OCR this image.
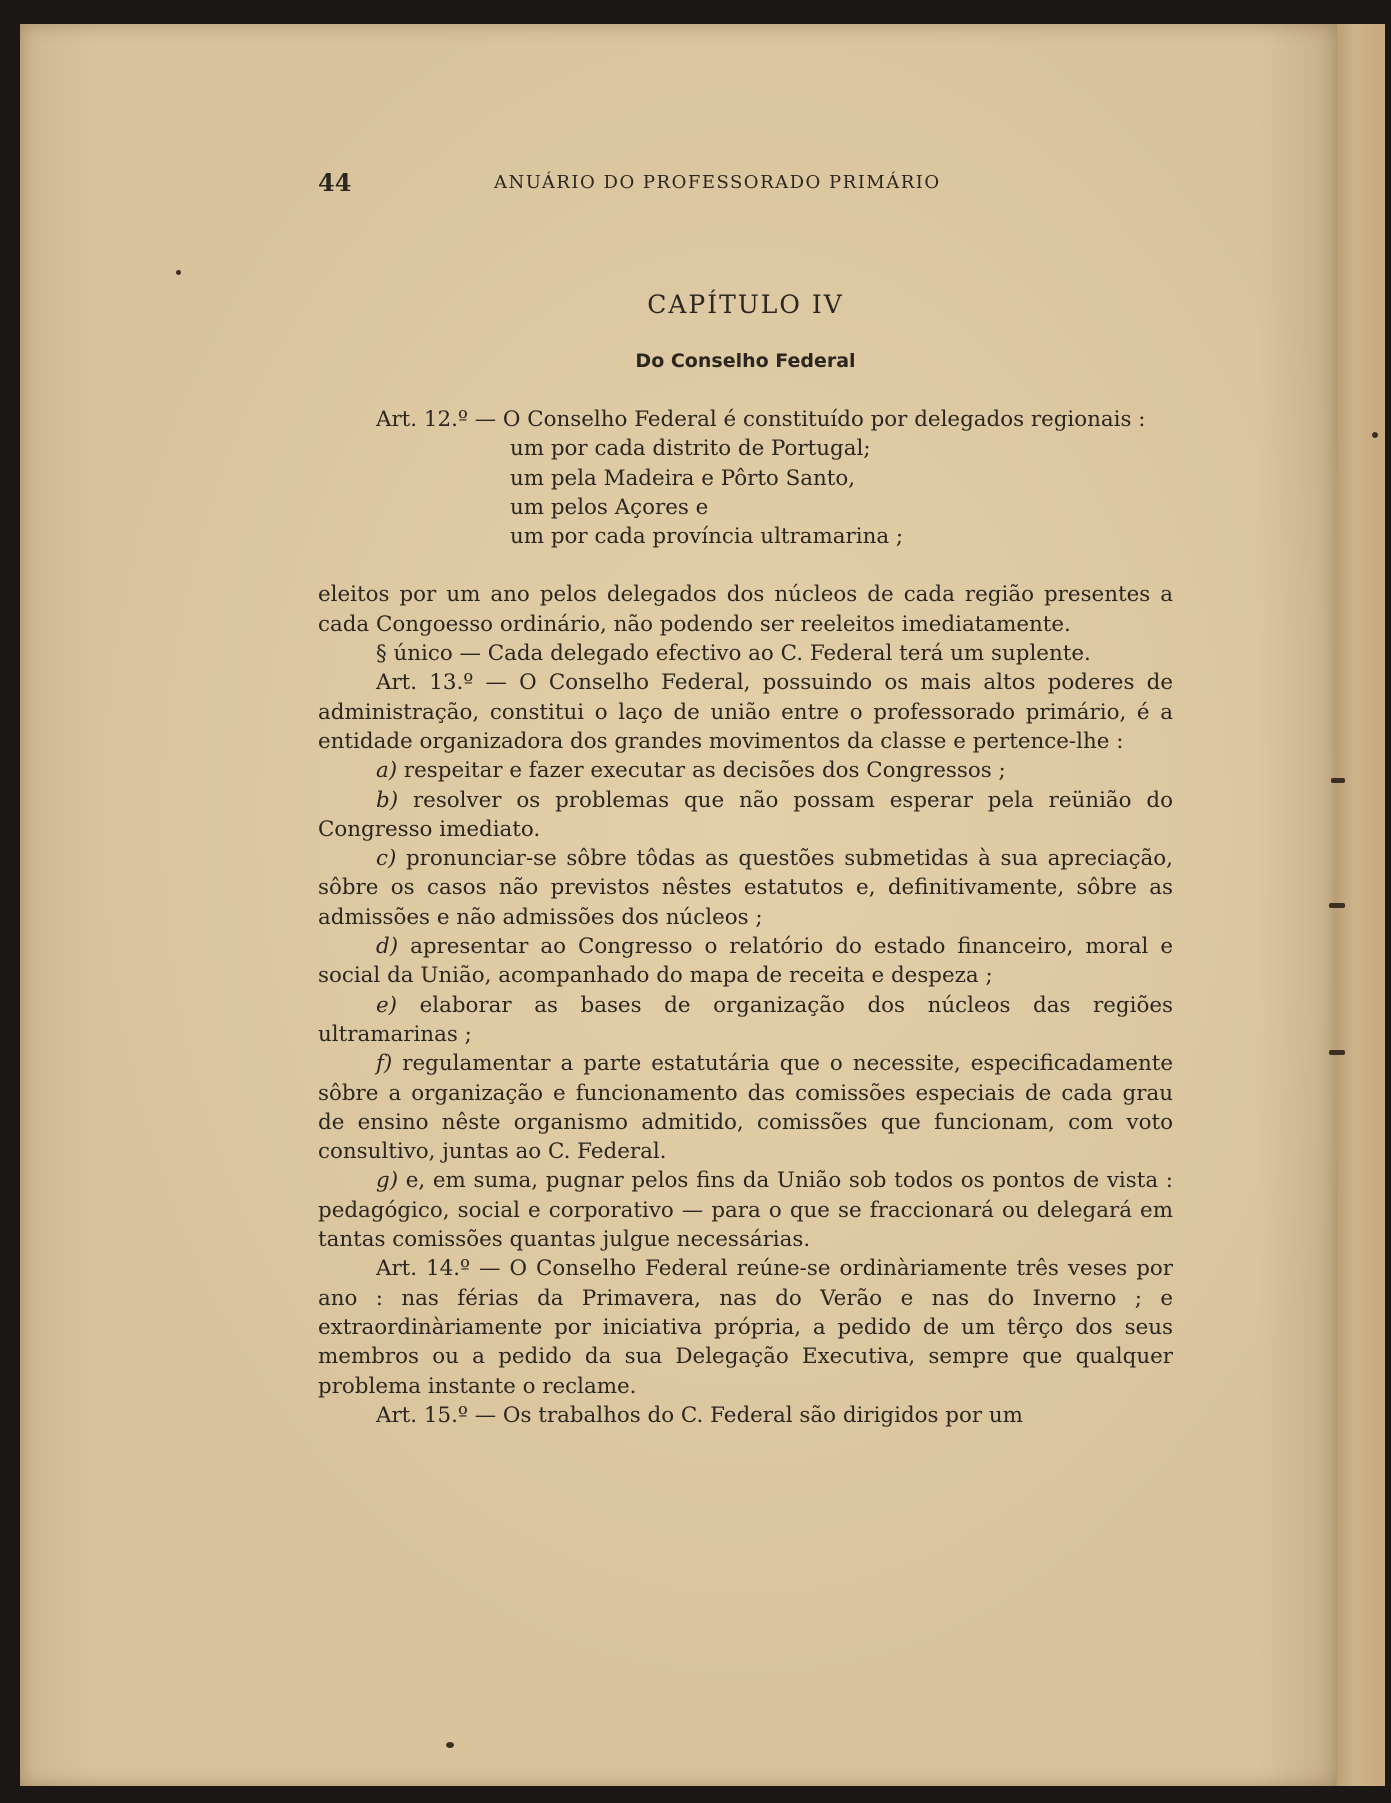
44	ANUÁRIO DO PROFESSORADO PRIMÁRIO
CAPÍTULO IV
Do Conselho Federal

Art. 12.º — O Conselho Federal é constituído por delegados regionais :

um por cada distrito de Portugal;

um pela Madeira e Pôrto Santo,

um pelos Açores e

um por cada província ultramarina ;

eleitos por um ano pelos delegados dos núcleos de cada região presentes a cada Congoesso ordinário, não podendo ser reeleitos imediatamente.

§ único — Cada delegado efectivo ao C. Federal terá um suplente.

Art. 13.º — O Conselho Federal, possuindo os mais altos poderes de administração, constitui o laço de união entre o professorado primário, é a entidade organizadora dos grandes movimentos da classe e pertence-lhe :

a) respeitar e fazer executar as decisões dos Congressos ;

b) resolver os problemas que não possam esperar pela reünião do Congresso imediato.

c) pronunciar-se sôbre tôdas as questões submetidas à sua apreciação, sôbre os casos não previstos nêstes estatutos e, definitivamente, sôbre as admissões e não admissões dos núcleos ;

d) apresentar ao Congresso o relatório do estado financeiro, moral e social da União, acompanhado do mapa de receita e despeza ;

e) elaborar as bases de organização dos núcleos das regiões ultramarinas ;

f) regulamentar a parte estatutária que o necessite, especificadamente sôbre a organização e funcionamento das comissões especiais de cada grau de ensino nêste organismo admitido, comissões que funcionam, com voto consultivo, juntas ao C. Federal.

g) e, em suma, pugnar pelos fins da União sob todos os pontos de vista : pedagógico, social e corporativo — para o que se fraccionará ou delegará em tantas comissões quantas julgue necessárias.

Art. 14.º — O Conselho Federal reúne-se ordinàriamente três veses por ano : nas férias da Primavera, nas do Verão e nas do Inverno ; e extraordinàriamente por iniciativa própria, a pedido de um têrço dos seus membros ou a pedido da sua Delegação Executiva, sempre que qualquer problema instante o reclame.

Art. 15.º — Os trabalhos do C. Federal são dirigidos por um
